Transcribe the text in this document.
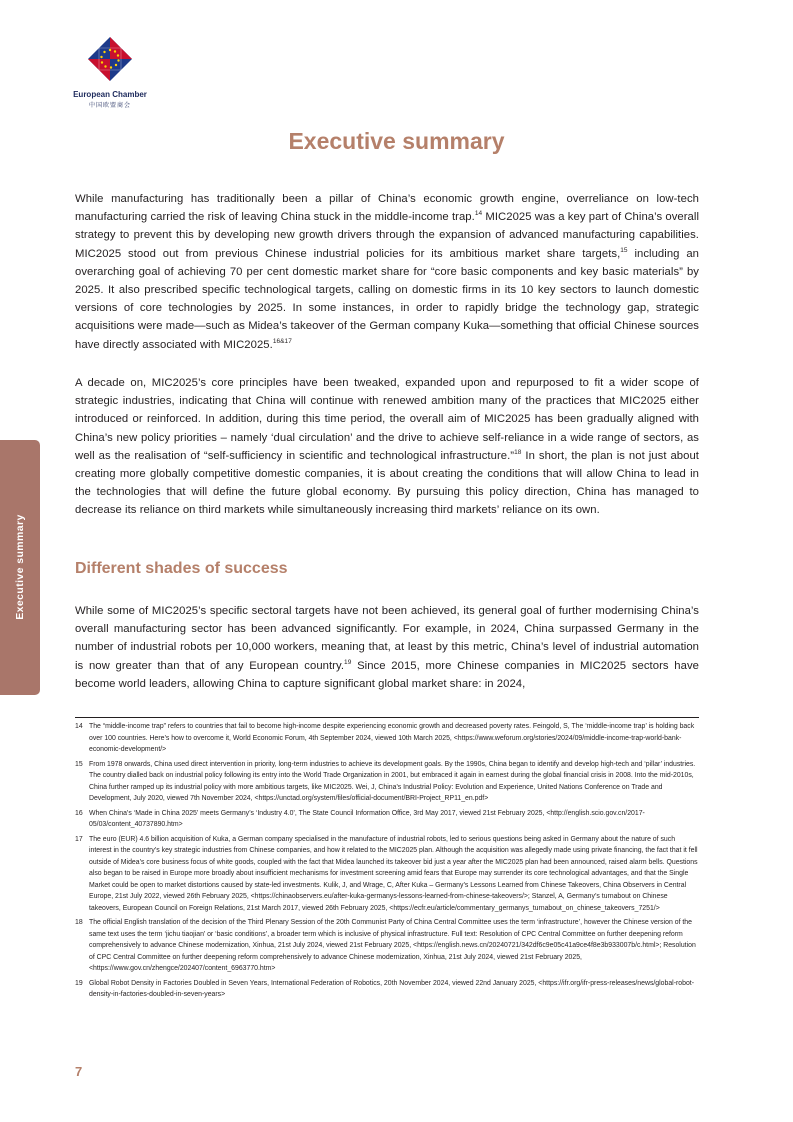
European Chamber
中国欧盟商会
Executive summary
Executive summary

While manufacturing has traditionally been a pillar of China’s economic growth engine, overreliance on low-tech manufacturing carried the risk of leaving China stuck in the middle-income trap.$^{14}$ MIC2025 was a key part of China’s overall strategy to prevent this by developing new growth drivers through the expansion of advanced manufacturing capabilities. MIC2025 stood out from previous Chinese industrial policies for its ambitious market share targets,$^{15}$ including an overarching goal of achieving 70 per cent domestic market share for “core basic components and key basic materials” by 2025. It also prescribed specific technological targets, calling on domestic firms in its 10 key sectors to launch domestic versions of core technologies by 2025. In some instances, in order to rapidly bridge the technology gap, strategic acquisitions were made—such as Midea’s takeover of the German company Kuka—something that official Chinese sources have directly associated with MIC2025.$^{16\&17}$

A decade on, MIC2025’s core principles have been tweaked, expanded upon and repurposed to fit a wider scope of strategic industries, indicating that China will continue with renewed ambition many of the practices that MIC2025 either introduced or reinforced. In addition, during this time period, the overall aim of MIC2025 has been gradually aligned with China’s new policy priorities – namely ‘dual circulation’ and the drive to achieve self-reliance in a wide range of sectors, as well as the realisation of “self-sufficiency in scientific and technological infrastructure.”$^{18}$ In short, the plan is not just about creating more globally competitive domestic companies, it is about creating the conditions that will allow China to lead in the technologies that will define the future global economy. By pursuing this policy direction, China has managed to decrease its reliance on third markets while simultaneously increasing third markets’ reliance on its own.

Different shades of success

While some of MIC2025’s specific sectoral targets have not been achieved, its general goal of further modernising China’s overall manufacturing sector has been advanced significantly. For example, in 2024, China surpassed Germany in the number of industrial robots per 10,000 workers, meaning that, at least by this metric, China’s level of industrial automation is now greater than that of any European country.$^{19}$ Since 2015, more Chinese companies in MIC2025 sectors have become world leaders, allowing China to capture significant global market share: in 2024,

14 The “middle-income trap” refers to countries that fail to become high-income despite experiencing economic growth and decreased poverty rates. Feingold, S, The ‘middle-income trap’ is holding back over 100 countries. Here’s how to overcome it, World Economic Forum, 4th September 2024, viewed 10th March 2025, <https://www.weforum.org/stories/2024/09/middle-income-trap-world-bank-economic-development/>

15 From 1978 onwards, China used direct intervention in priority, long-term industries to achieve its development goals. By the 1990s, China began to identify and develop high-tech and ‘pillar’ industries. The country dialled back on industrial policy following its entry into the World Trade Organization in 2001, but embraced it again in earnest during the global financial crisis in 2008. Into the mid-2010s, China further ramped up its industrial policy with more ambitious targets, like MIC2025. Wei, J, China’s Industrial Policy: Evolution and Experience, United Nations Conference on Trade and Development, July 2020, viewed 7th November 2024, <https://unctad.org/system/files/official-document/BRI-Project_RP11_en.pdf>

16 When China’s ‘Made in China 2025’ meets Germany’s ‘Industry 4.0’, The State Council Information Office, 3rd May 2017, viewed 21st February 2025, <http://english.scio.gov.cn/2017-05/03/content_40737890.htm>

17 The euro (EUR) 4.6 billion acquisition of Kuka, a German company specialised in the manufacture of industrial robots, led to serious questions being asked in Germany about the nature of such interest in the country’s key strategic industries from Chinese companies, and how it related to the MIC2025 plan. Although the acquisition was allegedly made using private financing, the fact that it fell outside of Midea’s core business focus of white goods, coupled with the fact that Midea launched its takeover bid just a year after the MIC2025 plan had been announced, raised alarm bells. Questions also began to be raised in Europe more broadly about insufficient mechanisms for investment screening amid fears that Europe may surrender its core technological advantages, and that the Single Market could be open to market distortions caused by state-led investments. Kulik, J, and Wrage, C, After Kuka – Germany’s Lessons Learned from Chinese Takeovers, China Observers in Central Europe, 21st July 2022, viewed 26th February 2025, <https://chinaobservers.eu/after-kuka-germanys-lessons-learned-from-chinese-takeovers/>; Stanzel, A, Germany’s turnabout on Chinese takeovers, European Council on Foreign Relations, 21st March 2017, viewed 26th February 2025, <https://ecfr.eu/article/commentary_germanys_turnabout_on_chinese_takeovers_7251/>

18 The official English translation of the decision of the Third Plenary Session of the 20th Communist Party of China Central Committee uses the term ‘infrastructure’, however the Chinese version of the same text uses the term ‘jichu tiaojian’ or ‘basic conditions’, a broader term which is inclusive of physical infrastructure. Full text: Resolution of CPC Central Committee on further deepening reform comprehensively to advance Chinese modernization, Xinhua, 21st July 2024, viewed 21st February 2025, <https://english.news.cn/20240721/342df6c9e05c41a9ce4f8e3b933007b/c.html>; Resolution of CPC Central Committee on further deepening reform comprehensively to advance Chinese modernization, Xinhua, 21st July 2024, viewed 21st February 2025, <https://www.gov.cn/zhengce/202407/content_6963770.htm>

19 Global Robot Density in Factories Doubled in Seven Years, International Federation of Robotics, 20th November 2024, viewed 22nd January 2025, <https://ifr.org/ifr-press-releases/news/global-robot-density-in-factories-doubled-in-seven-years>

7
